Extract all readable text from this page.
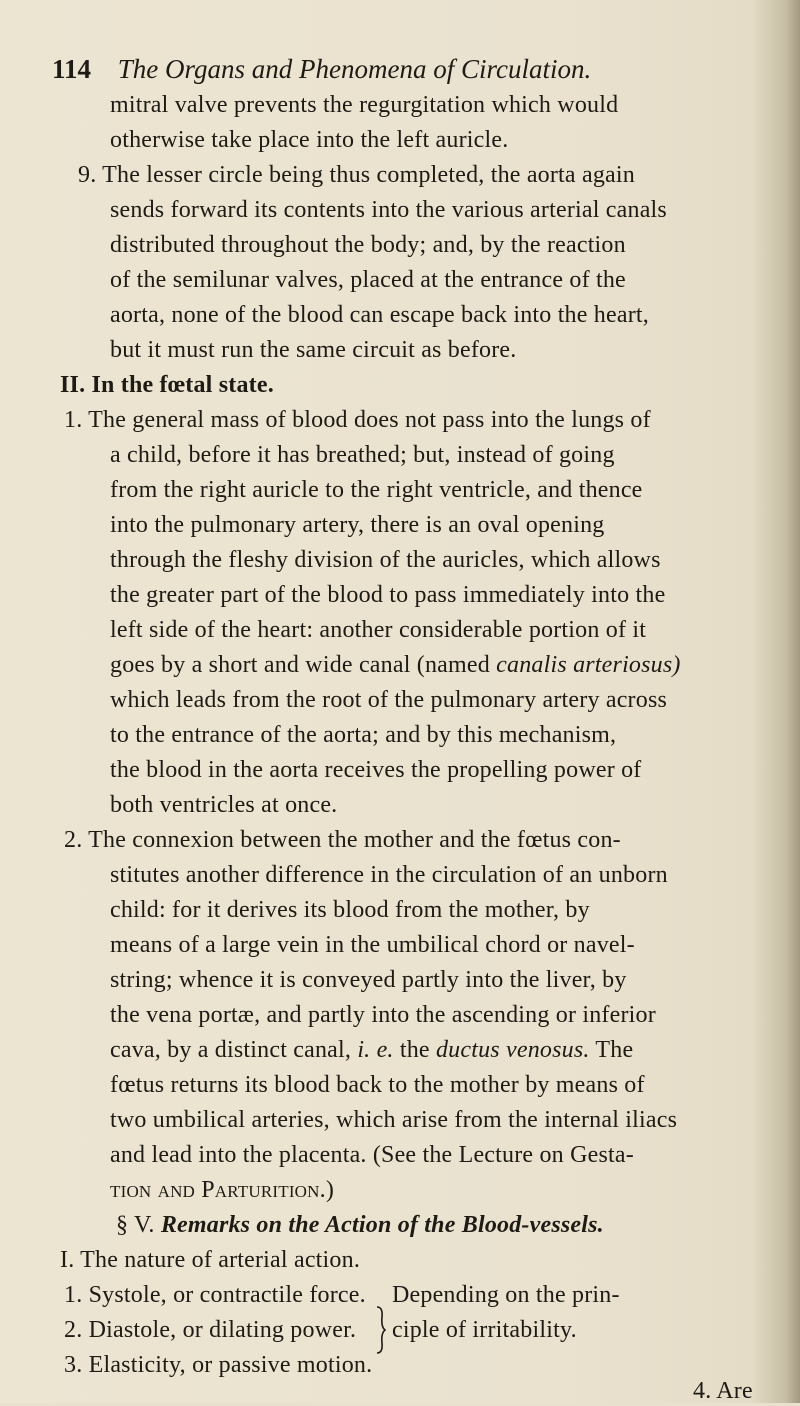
114 The Organs and Phenomena of Circulation.
mitral valve prevents the regurgitation which would
otherwise take place into the left auricle.
9. The lesser circle being thus completed, the aorta again
sends forward its contents into the various arterial canals
distributed throughout the body; and, by the reaction
of the semilunar valves, placed at the entrance of the
aorta, none of the blood can escape back into the heart,
but it must run the same circuit as before.
II. In the fœtal state.
1. The general mass of blood does not pass into the lungs of
a child, before it has breathed; but, instead of going
from the right auricle to the right ventricle, and thence
into the pulmonary artery, there is an oval opening
through the fleshy division of the auricles, which allows
the greater part of the blood to pass immediately into the
left side of the heart: another considerable portion of it
goes by a short and wide canal (named canalis arteriosus)
which leads from the root of the pulmonary artery across
to the entrance of the aorta; and by this mechanism,
the blood in the aorta receives the propelling power of
both ventricles at once.
2. The connexion between the mother and the fœtus con-
stitutes another difference in the circulation of an unborn
child: for it derives its blood from the mother, by
means of a large vein in the umbilical chord or navel-
string; whence it is conveyed partly into the liver, by
the vena portæ, and partly into the ascending or inferior
cava, by a distinct canal, i. e. the ductus venosus. The
fœtus returns its blood back to the mother by means of
two umbilical arteries, which arise from the internal iliacs
and lead into the placenta. (See the Lecture on Gesta-
tion and Parturition.)
§ V. Remarks on the Action of the Blood-vessels.
I. The nature of arterial action.
1. Systole, or contractile force. Depending on the prin-
2. Diastole, or dilating power. ciple of irritability.
3. Elasticity, or passive motion.
4. Are
